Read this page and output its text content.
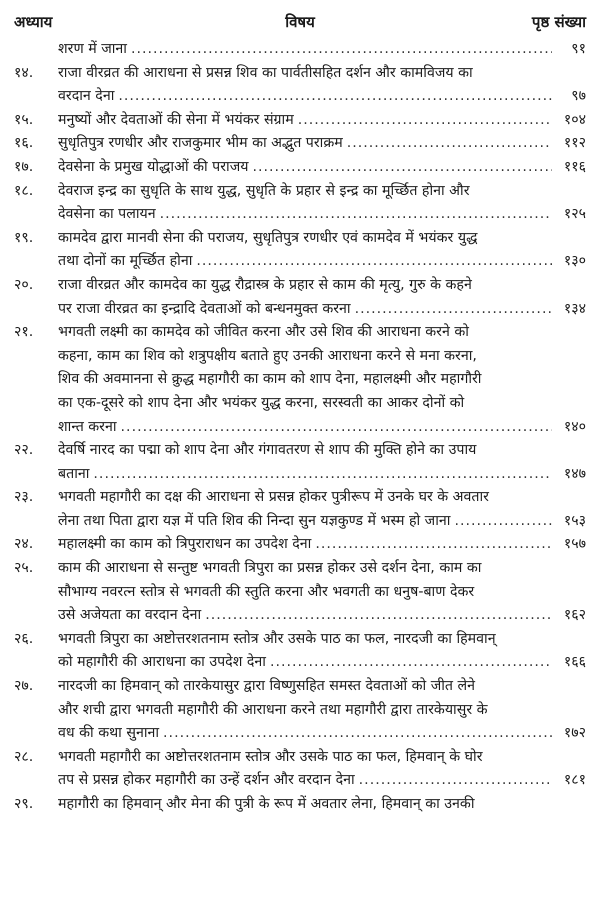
अध्याय	विषय	पृष्ठ संख्या
शरण में जाना .....	९१
१४.	राजा वीरव्रत की आराधना से प्रसन्न शिव का पार्वतीसहित दर्शन और कामविजय का
वरदान देना .....	९७
१५.	मनुष्यों और देवताओं की सेना में भयंकर संग्राम .....	१०४
१६.	सुधृतिपुत्र रणधीर और राजकुमार भीम का अद्भुत पराक्रम .....	११२
१७.	देवसेना के प्रमुख योद्धाओं की पराजय .....	११६
१८.	देवराज इन्द्र का सुधृति के साथ युद्ध, सुधृति के प्रहार से इन्द्र का मूर्च्छित होना और
देवसेना का पलायन .....	१२५
१९.	कामदेव द्वारा मानवी सेना की पराजय, सुधृतिपुत्र रणधीर एवं कामदेव में भयंकर युद्ध
तथा दोनों का मूर्च्छित होना .....	१३०
२०.	राजा वीरव्रत और कामदेव का युद्ध रौद्रास्त्र के प्रहार से काम की मृत्यु, गुरु के कहने
पर राजा वीरव्रत का इन्द्रादि देवताओं को बन्धनमुक्त करना .....	१३४
२१.	भगवती लक्ष्मी का कामदेव को जीवित करना और उसे शिव की आराधना करने को
कहना, काम का शिव को शत्रुपक्षीय बताते हुए उनकी आराधना करने से मना करना,
शिव की अवमानना से क्रुद्ध महागौरी का काम को शाप देना, महालक्ष्मी और महागौरी
का एक-दूसरे को शाप देना और भयंकर युद्ध करना, सरस्वती का आकर दोनों को
शान्त करना .....	१४०
२२.	देवर्षि नारद का पद्मा को शाप देना और गंगावतरण से शाप की मुक्ति होने का उपाय
बताना .....	१४७
२३.	भगवती महागौरी का दक्ष की आराधना से प्रसन्न होकर पुत्रीरूप में उनके घर के अवतार
लेना तथा पिता द्वारा यज्ञ में पति शिव की निन्दा सुन यज्ञकुण्ड में भस्म हो जाना .....	१५३
२४.	महालक्ष्मी का काम को त्रिपुराराधन का उपदेश देना .....	१५७
२५.	काम की आराधना से सन्तुष्ट भगवती त्रिपुरा का प्रसन्न होकर उसे दर्शन देना, काम का
सौभाग्य नवरत्न स्तोत्र से भगवती की स्तुति करना और भवगती का धनुष-बाण देकर
उसे अजेयता का वरदान देना .....	१६२
२६.	भगवती त्रिपुरा का अष्टोत्तरशतनाम स्तोत्र और उसके पाठ का फल, नारदजी का हिमवान्
को महागौरी की आराधना का उपदेश देना .....	१६६
२७.	नारदजी का हिमवान् को तारकेयासुर द्वारा विष्णुसहित समस्त देवताओं को जीत लेने
और शची द्वारा भगवती महागौरी की आराधना करने तथा महागौरी द्वारा तारकेयासुर के
वध की कथा सुनाना .....	१७२
२८.	भगवती महागौरी का अष्टोत्तरशतनाम स्तोत्र और उसके पाठ का फल, हिमवान् के घोर
तप से प्रसन्न होकर महागौरी का उन्हें दर्शन और वरदान देना .....	१८१
२९.	महागौरी का हिमवान् और मेना की पुत्री के रूप में अवतार लेना, हिमवान् का उनकी
